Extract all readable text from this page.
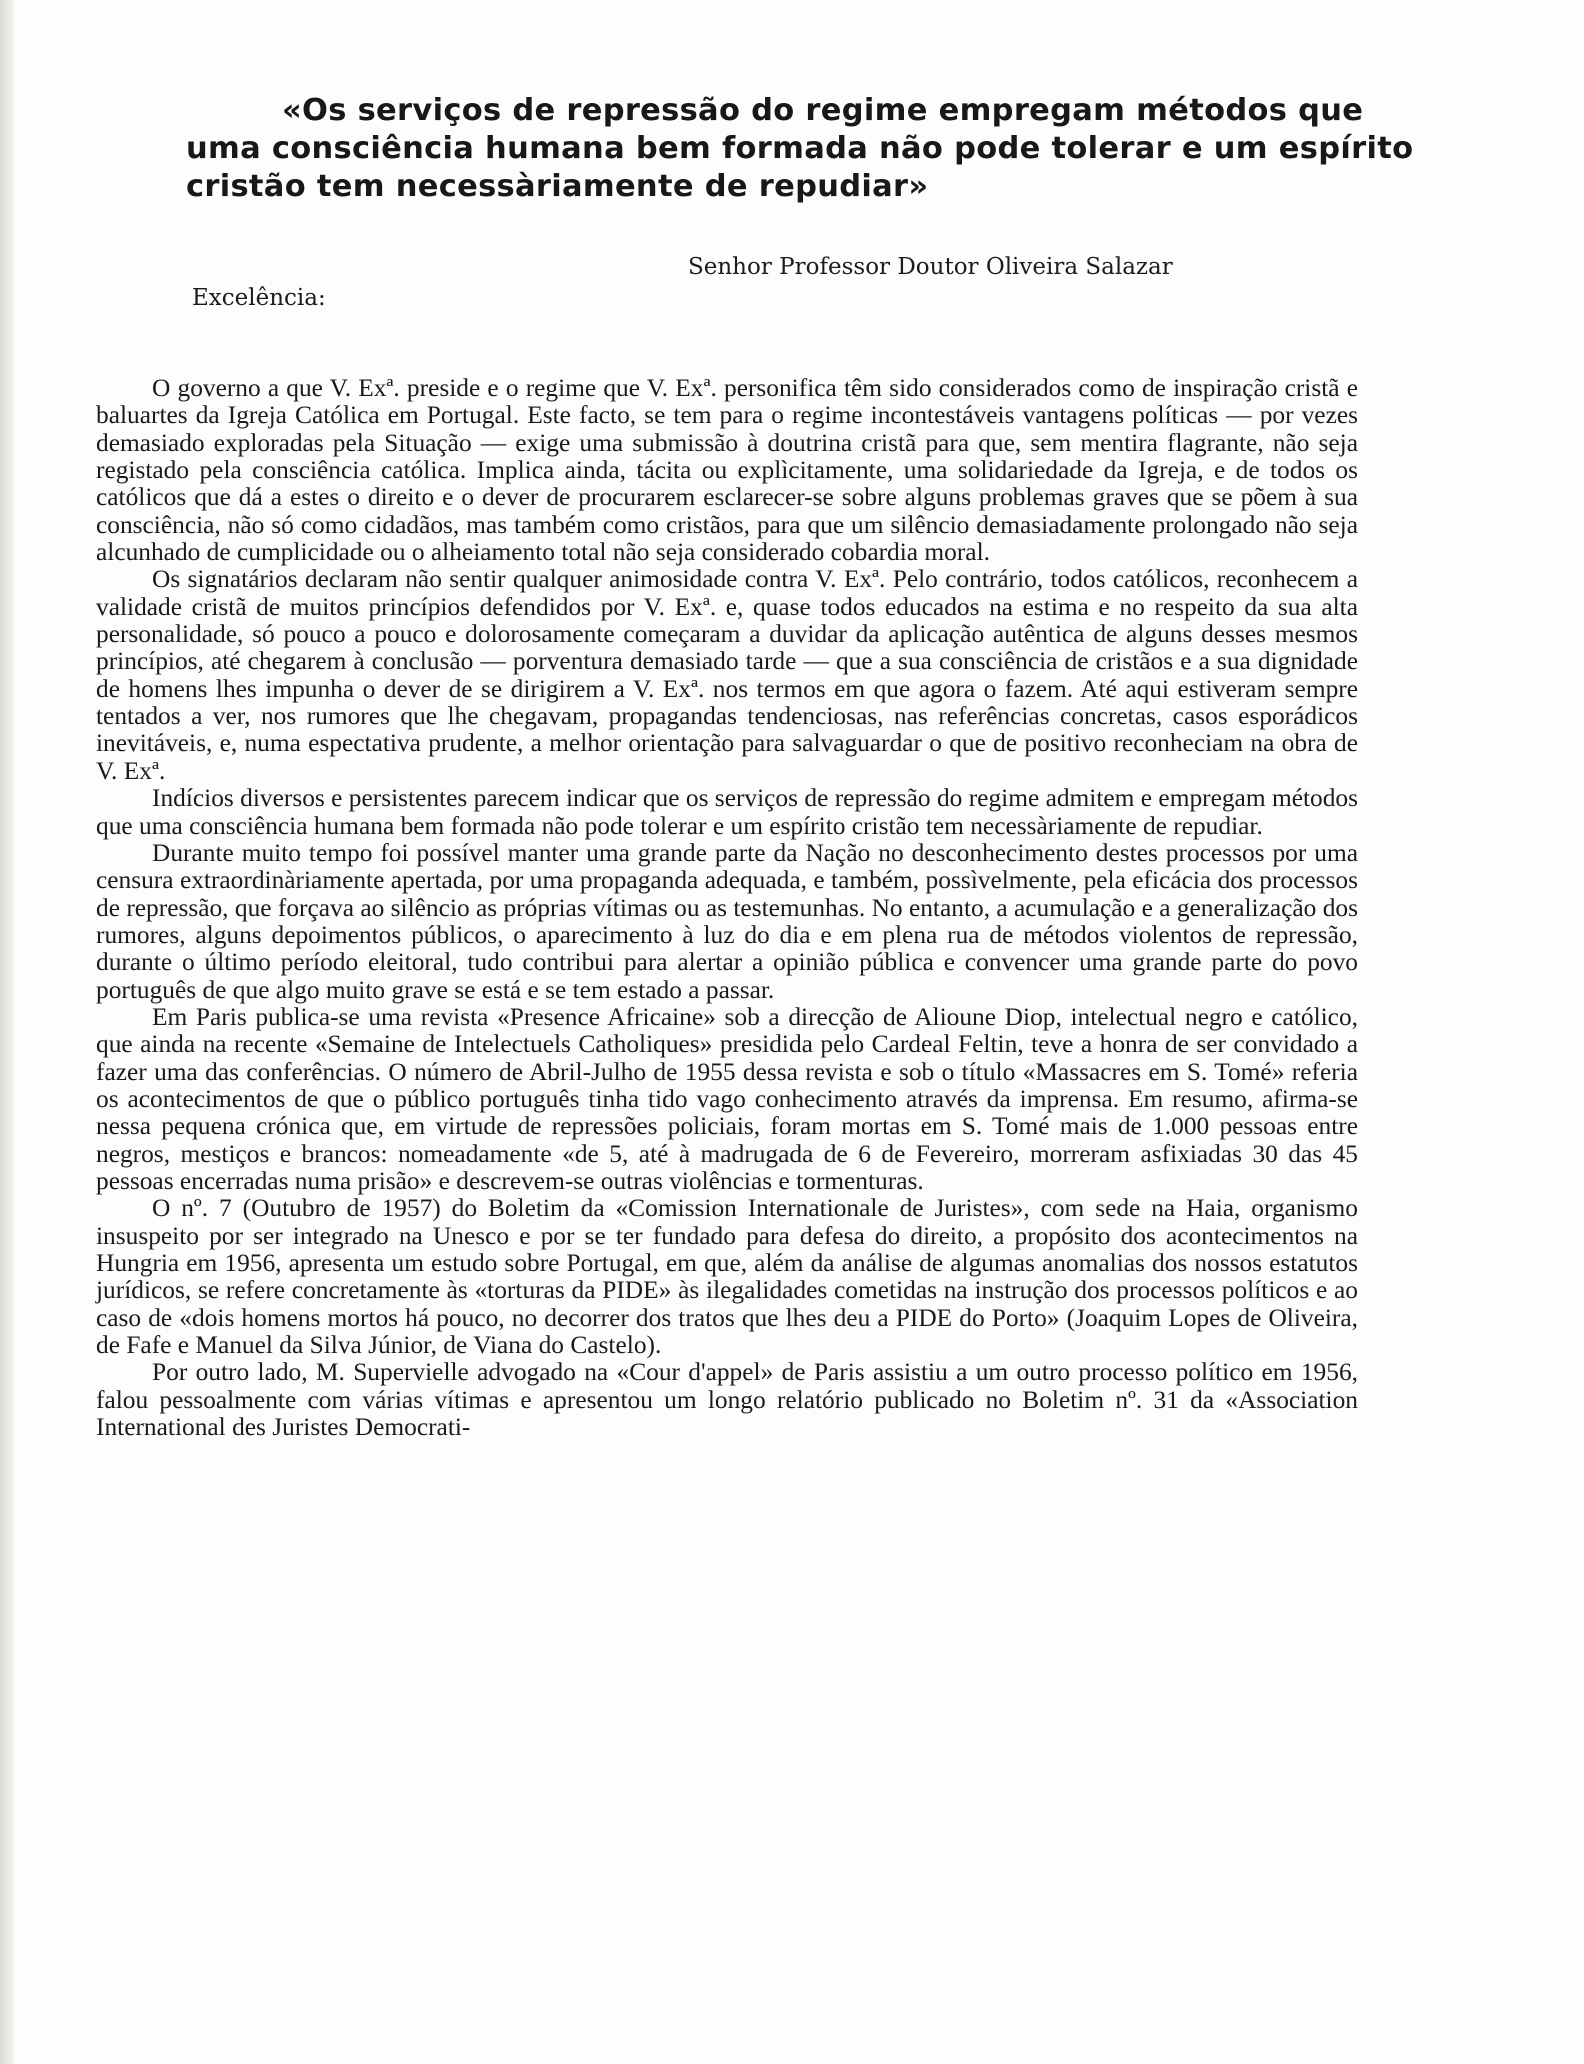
«Os serviços de repressão do regime empregam métodos que
uma consciência humana bem formada não pode tolerar e um espírito
cristão tem necessàriamente de repudiar»

Senhor Professor Doutor Oliveira Salazar

Excelência:

O governo a que V. Exª. preside e o regime que V. Exª. personifica têm sido considerados como de inspiração cristã e baluartes da Igreja Católica em Portugal. Este facto, se tem para o regime incontestáveis vantagens políticas — por vezes demasiado exploradas pela Situação — exige uma submissão à doutrina cristã para que, sem mentira flagrante, não seja registado pela consciência católica. Implica ainda, tácita ou explìcitamente, uma solidariedade da Igreja, e de todos os católicos que dá a estes o direito e o dever de procurarem esclarecer-se sobre alguns problemas graves que se põem à sua consciência, não só como cidadãos, mas também como cristãos, para que um silêncio demasiadamente prolongado não seja alcunhado de cumplicidade ou o alheiamento total não seja considerado cobardia moral.

Os signatários declaram não sentir qualquer animosidade contra V. Exª. Pelo contrário, todos católicos, reconhecem a validade cristã de muitos princípios defendidos por V. Exª. e, quase todos educados na estima e no respeito da sua alta personalidade, só pouco a pouco e dolorosamente começaram a duvidar da aplicação autêntica de alguns desses mesmos princípios, até chegarem à conclusão — porventura demasiado tarde — que a sua consciência de cristãos e a sua dignidade de homens lhes impunha o dever de se dirigirem a V. Exª. nos termos em que agora o fazem. Até aqui estiveram sempre tentados a ver, nos rumores que lhe chegavam, propagandas tendenciosas, nas referências concretas, casos esporádicos inevitáveis, e, numa espectativa prudente, a melhor orientação para salvaguardar o que de positivo reconheciam na obra de V. Exª.

Indícios diversos e persistentes parecem indicar que os serviços de repressão do regime admitem e empregam métodos que uma consciência humana bem formada não pode tolerar e um espírito cristão tem necessàriamente de repudiar.

Durante muito tempo foi possível manter uma grande parte da Nação no desconhecimento destes processos por uma censura extraordinàriamente apertada, por uma propaganda adequada, e também, possìvelmente, pela eficácia dos processos de repressão, que forçava ao silêncio as próprias vítimas ou as testemunhas. No entanto, a acumulação e a generalização dos rumores, alguns depoimentos públicos, o aparecimento à luz do dia e em plena rua de métodos violentos de repressão, durante o último período eleitoral, tudo contribui para alertar a opinião pública e convencer uma grande parte do povo português de que algo muito grave se está e se tem estado a passar.

Em Paris publica-se uma revista «Presence Africaine» sob a direcção de Alioune Diop, intelectual negro e católico, que ainda na recente «Semaine de Intelectuels Catholiques» presidida pelo Cardeal Feltin, teve a honra de ser convidado a fazer uma das conferências. O número de Abril-Julho de 1955 dessa revista e sob o título «Massacres em S. Tomé» referia os acontecimentos de que o público português tinha tido vago conhecimento através da imprensa. Em resumo, afirma-se nessa pequena crónica que, em virtude de repressões policiais, foram mortas em S. Tomé mais de 1.000 pessoas entre negros, mestiços e brancos: nomeadamente «de 5, até à madrugada de 6 de Fevereiro, morreram asfixiadas 30 das 45 pessoas encerradas numa prisão» e descrevem-se outras violências e tormenturas.

O nº. 7 (Outubro de 1957) do Boletim da «Comission Internationale de Juristes», com sede na Haia, organismo insuspeito por ser integrado na Unesco e por se ter fundado para defesa do direito, a propósito dos acontecimentos na Hungria em 1956, apresenta um estudo sobre Portugal, em que, além da análise de algumas anomalias dos nossos estatutos jurídicos, se refere concretamente às «torturas da PIDE» às ilegalidades cometidas na instrução dos processos políticos e ao caso de «dois homens mortos há pouco, no decorrer dos tratos que lhes deu a PIDE do Porto» (Joaquim Lopes de Oliveira, de Fafe e Manuel da Silva Júnior, de Viana do Castelo).

Por outro lado, M. Supervielle advogado na «Cour d'appel» de Paris assistiu a um outro processo político em 1956, falou pessoalmente com várias vítimas e apresentou um longo relatório publicado no Boletim nº. 31 da «Association International des Juristes Democrati-
